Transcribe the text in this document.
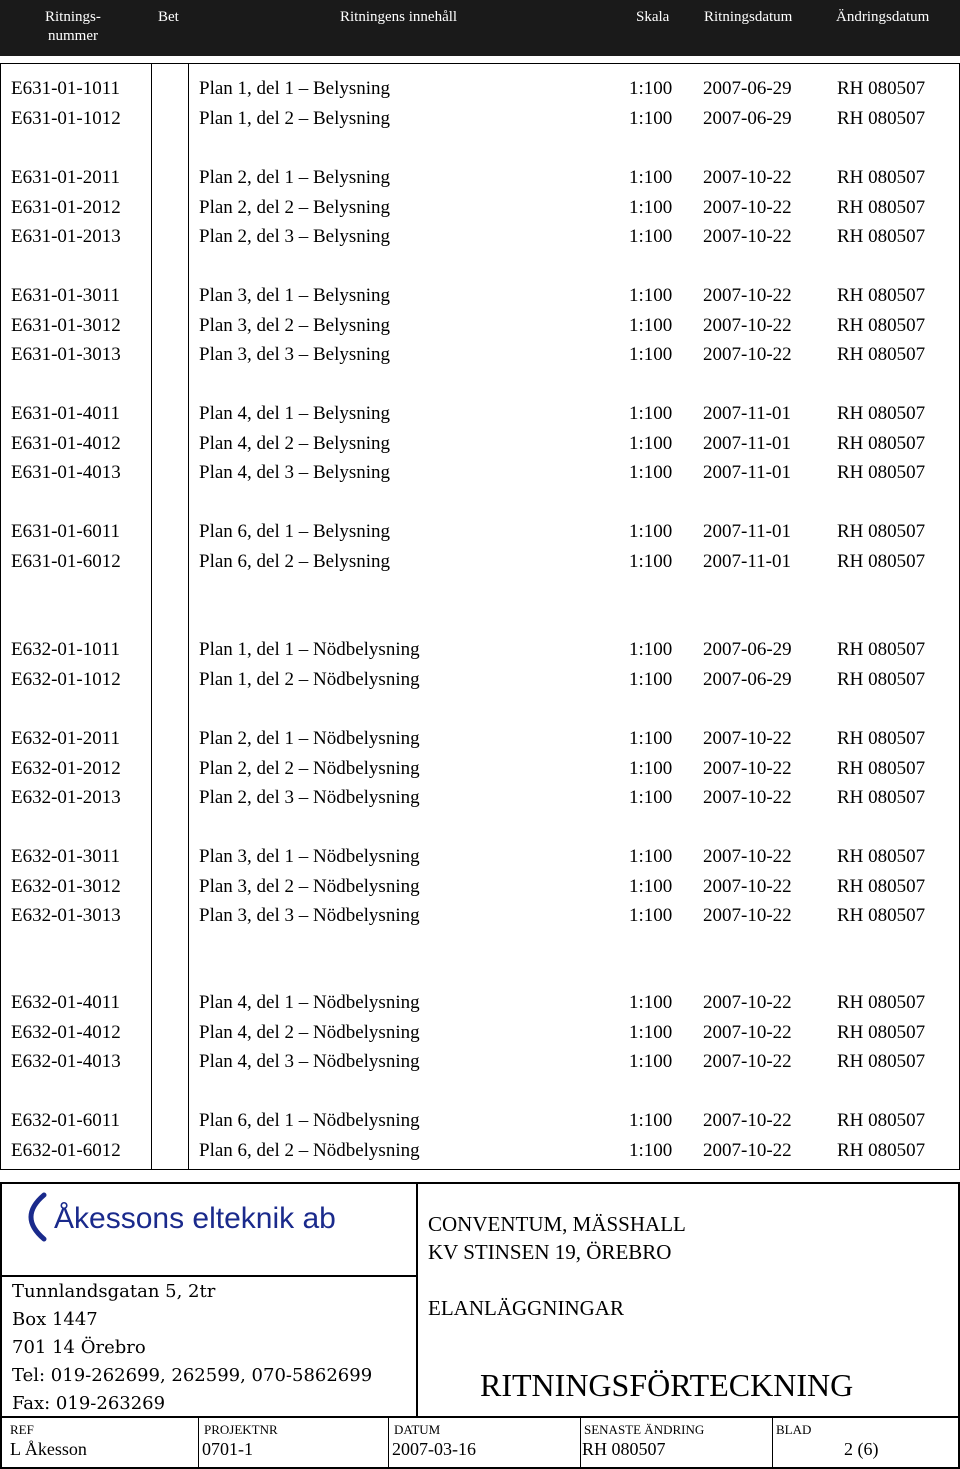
Ritnings-
nummer
Bet	Ritningens innehåll	Skala Ritningsdatum	Ändringsdatum
E631-01-1011	Plan 1, del 1 – Belysning	1:100 2007-06-29 RH 080507
E631-01-1012	Plan 1, del 2 – Belysning	1:100 2007-06-29 RH 080507
E631-01-2011	Plan 2, del 1 – Belysning	1:100 2007-10-22 RH 080507
E631-01-2012	Plan 2, del 2 – Belysning	1:100 2007-10-22 RH 080507
E631-01-2013	Plan 2, del 3 – Belysning	1:100 2007-10-22 RH 080507
E631-01-3011	Plan 3, del 1 – Belysning	1:100 2007-10-22 RH 080507
E631-01-3012	Plan 3, del 2 – Belysning	1:100 2007-10-22 RH 080507
E631-01-3013	Plan 3, del 3 – Belysning	1:100 2007-10-22 RH 080507
E631-01-4011	Plan 4, del 1 – Belysning	1:100 2007-11-01 RH 080507
E631-01-4012	Plan 4, del 2 – Belysning	1:100 2007-11-01 RH 080507
E631-01-4013	Plan 4, del 3 – Belysning	1:100 2007-11-01 RH 080507
E631-01-6011	Plan 6, del 1 – Belysning	1:100 2007-11-01 RH 080507
E631-01-6012	Plan 6, del 2 – Belysning	1:100 2007-11-01 RH 080507
E632-01-1011	Plan 1, del 1 – Nödbelysning	1:100 2007-06-29 RH 080507
E632-01-1012	Plan 1, del 2 – Nödbelysning	1:100 2007-06-29 RH 080507
E632-01-2011	Plan 2, del 1 – Nödbelysning	1:100 2007-10-22 RH 080507
E632-01-2012	Plan 2, del 2 – Nödbelysning	1:100 2007-10-22 RH 080507
E632-01-2013	Plan 2, del 3 – Nödbelysning	1:100 2007-10-22 RH 080507
E632-01-3011	Plan 3, del 1 – Nödbelysning	1:100 2007-10-22 RH 080507
E632-01-3012	Plan 3, del 2 – Nödbelysning	1:100 2007-10-22 RH 080507
E632-01-3013	Plan 3, del 3 – Nödbelysning	1:100 2007-10-22 RH 080507
E632-01-4011	Plan 4, del 1 – Nödbelysning	1:100 2007-10-22 RH 080507
E632-01-4012	Plan 4, del 2 – Nödbelysning	1:100 2007-10-22 RH 080507
E632-01-4013	Plan 4, del 3 – Nödbelysning	1:100 2007-10-22 RH 080507
E632-01-6011	Plan 6, del 1 – Nödbelysning	1:100 2007-10-22 RH 080507
E632-01-6012	Plan 6, del 2 – Nödbelysning	1:100 2007-10-22 RH 080507
Åkessons elteknik ab
Tunnlandsgatan 5, 2tr
Box 1447
701 14 Örebro
Tel: 019-262699, 262599, 070-5862699
Fax: 019-263269
CONVENTUM, MÄSSHALL
KV STINSEN 19, ÖREBRO
ELANLÄGGNINGAR
RITNINGSFÖRTECKNING
REF
L Åkesson
PROJEKTNR
0701-1
DATUM
2007-03-16
SENASTE ÄNDRING
RH 080507
BLAD
2 (6)
